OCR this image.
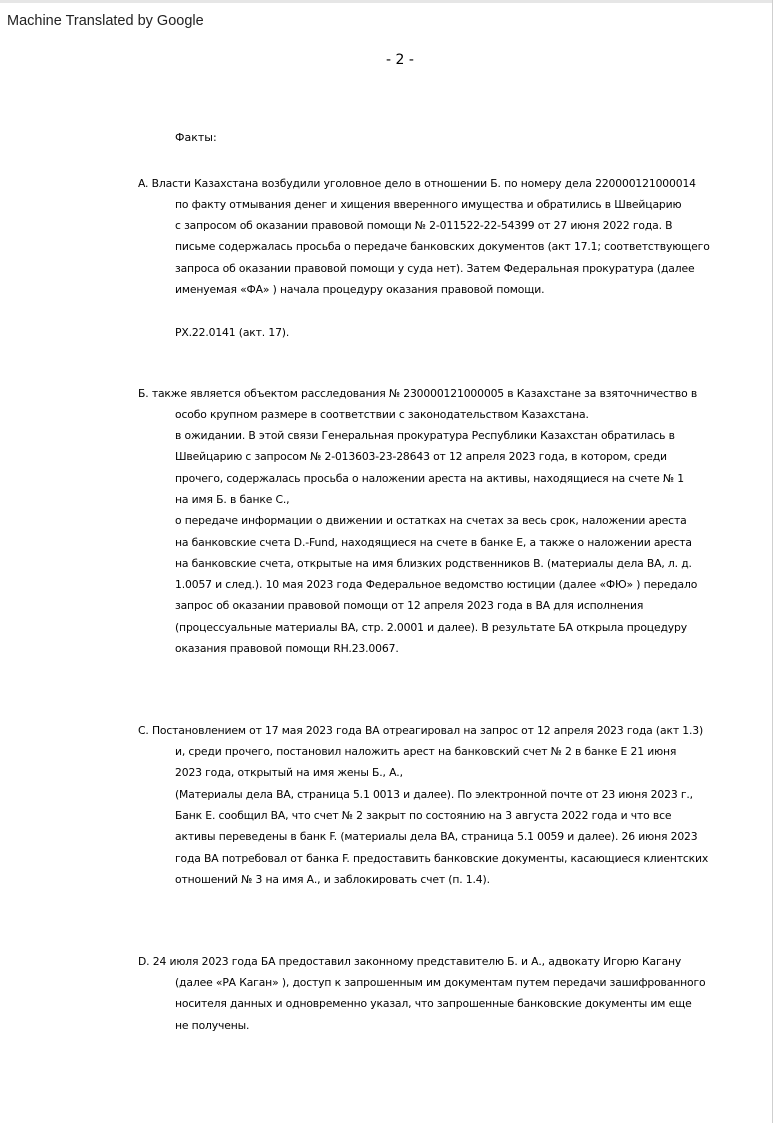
Machine Translated by Google
- 2 -
Факты:
A. Власти Казахстана возбудили уголовное дело в отношении Б. по номеру дела 220000121000014
по факту отмывания денег и хищения вверенного имущества и обратились в Швейцарию
с запросом об оказании правовой помощи № 2-011522-22-54399 от 27 июня 2022 года. В
письме содержалась просьба о передаче банковских документов (акт 17.1; соответствующего
запроса об оказании правовой помощи у суда нет). Затем Федеральная прокуратура (далее
именуемая «ФА» ) начала процедуру оказания правовой помощи.
PX.22.0141 (акт. 17).
Б. также является объектом расследования № 230000121000005 в Казахстане за взяточничество в
особо крупном размере в соответствии с законодательством Казахстана.
в ожидании. В этой связи Генеральная прокуратура Республики Казахстан обратилась в
Швейцарию с запросом № 2-013603-23-28643 от 12 апреля 2023 года, в котором, среди
прочего, содержалась просьба о наложении ареста на активы, находящиеся на счете № 1
на имя Б. в банке С.,
о передаче информации о движении и остатках на счетах за весь срок, наложении ареста
на банковские счета D.-Fund, находящиеся на счете в банке E, а также о наложении ареста
на банковские счета, открытые на имя близких родственников В. (материалы дела ВА, л. д.
1.0057 и след.). 10 мая 2023 года Федеральное ведомство юстиции (далее «ФЮ» ) передало
запрос об оказании правовой помощи от 12 апреля 2023 года в ВА для исполнения
(процессуальные материалы ВА, стр. 2.0001 и далее). В результате БА открыла процедуру
оказания правовой помощи RH.23.0067.
C. Постановлением от 17 мая 2023 года ВА отреагировал на запрос от 12 апреля 2023 года (акт 1.3)
и, среди прочего, постановил наложить арест на банковский счет № 2 в банке E 21 июня
2023 года, открытый на имя жены Б., А.,
(Материалы дела ВА, страница 5.1 0013 и далее). По электронной почте от 23 июня 2023 г.,
Банк E. сообщил ВА, что счет № 2 закрыт по состоянию на 3 августа 2022 года и что все
активы переведены в банк F. (материалы дела ВА, страница 5.1 0059 и далее). 26 июня 2023
года ВА потребовал от банка F. предоставить банковские документы, касающиеся клиентских
отношений № 3 на имя А., и заблокировать счет (п. 1.4).
D. 24 июля 2023 года БА предоставил законному представителю Б. и А., адвокату Игорю Кагану
(далее «РА Каган» ), доступ к запрошенным им документам путем передачи зашифрованного
носителя данных и одновременно указал, что запрошенные банковские документы им еще
не получены.
